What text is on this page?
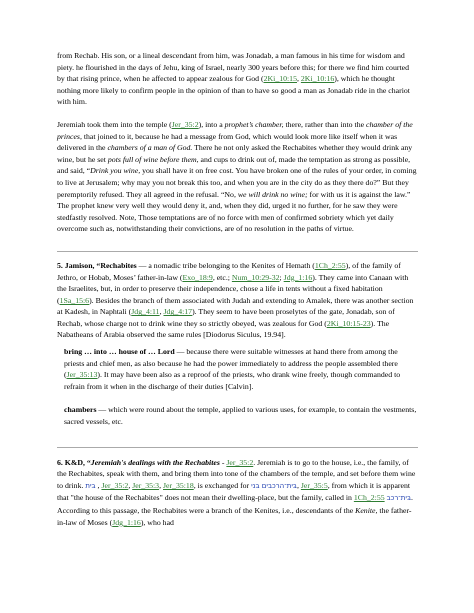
from Rechab. His son, or a lineal descendant from him, was Jonadab, a man famous in his time for wisdom and piety. he flourished in the days of Jehu, king of Israel, nearly 300 years before this; for there we find him courted by that rising prince, when he affected to appear zealous for God (2Ki_10:15, 2Ki_10:16), which he thought nothing more likely to confirm people in the opinion of than to have so good a man as Jonadab ride in the chariot with him.

Jeremiah took them into the temple (Jer_35:2), into a prophet’s chamber, there, rather than into the chamber of the princes, that joined to it, because he had a message from God, which would look more like itself when it was delivered in the chambers of a man of God. There he not only asked the Rechabites whether they would drink any wine, but he set pots full of wine before them, and cups to drink out of, made the temptation as strong as possible, and said, “Drink you wine, you shall have it on free cost. You have broken one of the rules of your order, in coming to live at Jerusalem; why may you not break this too, and when you are in the city do as they there do?” But they peremptorily refused. They all agreed in the refusal. “No, we will drink no wine; for with us it is against the law.” The prophet knew very well they would deny it, and, when they did, urged it no further, for he saw they were stedfastly resolved. Note, Those temptations are of no force with men of confirmed sobriety which yet daily overcome such as, notwithstanding their convictions, are of no resolution in the paths of virtue.

5. Jamison, “Rechabites — a nomadic tribe belonging to the Kenites of Hemath (1Ch_2:55), of the family of Jethro, or Hobab, Moses’ father-in-law (Exo_18:9, etc.; Num_10:29-32; Jdg_1:16). They came into Canaan with the Israelites, but, in order to preserve their independence, chose a life in tents without a fixed habitation (1Sa_15:6). Besides the branch of them associated with Judah and extending to Amalek, there was another section at Kadesh, in Naphtali (Jdg_4:11, Jdg_4:17). They seem to have been proselytes of the gate, Jonadab, son of Rechab, whose charge not to drink wine they so strictly obeyed, was zealous for God (2Ki_10:15-23). The Nabatheans of Arabia observed the same rules [Diodorus Siculus, 19.94].

bring … into … house of … Lord — because there were suitable witnesses at hand there from among the priests and chief men, as also because he had the power immediately to address the people assembled there (Jer_35:13). It may have been also as a reproof of the priests, who drank wine freely, though commanded to refrain from it when in the discharge of their duties [Calvin].

chambers — which were round about the temple, applied to various uses, for example, to contain the vestments, sacred vessels, etc.

6. K&D, “Jeremiah's dealings with the Rechabites - Jer_35:2. Jeremiah is to go to the house, i.e., the family, of the Rechabites, speak with them, and bring them into tone of the chambers of the temple, and set before them wine to drink. בּית , Jer_35:2, Jer_35:3, Jer_35:18, is exchanged for בּית־הרכבים בּני, Jer_35:5, from which it is apparent that "the house of the Rechabites" does not mean their dwelling-place, but the family, called in 1Ch_2:55 בּית־רכב. According to this passage, the Rechabites were a branch of the Kenites, i.e., descendants of the Kenite, the father-in-law of Moses (Jdg_1:16), who had
